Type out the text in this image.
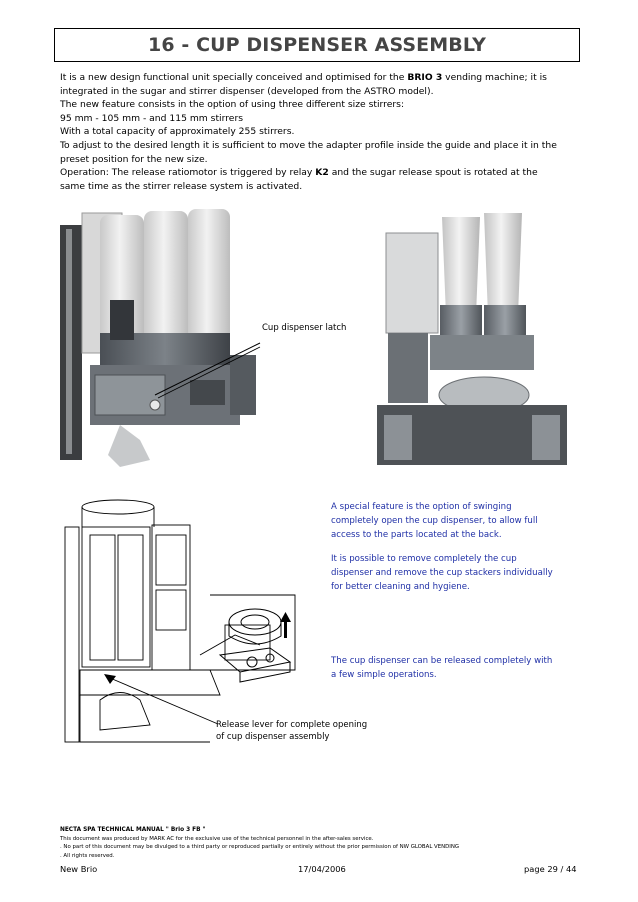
16 - CUP DISPENSER ASSEMBLY

It is a new design functional unit specially conceived and optimised for the BRIO 3 vending machine; it is

integrated in the sugar and stirrer dispenser (developed from the ASTRO model).

The new feature consists in the option of using three different size stirrers:

95 mm - 105 mm - and 115 mm stirrers

With a total capacity of approximately 255 stirrers.

To adjust to the desired length it is sufficient to move the adapter profile inside the guide and place it in the

preset position for the new size.

Operation: The release ratiomotor is triggered by relay K2 and the sugar release spout is rotated at the

same time as the stirrer release system is activated.

Cup dispenser latch

A special feature is the option of swinging

completely open the cup dispenser, to allow full

access to the parts located at the back.

It is possible to remove completely the cup

dispenser and remove the cup stackers individually

for better cleaning and hygiene.

The cup dispenser can be released completely with

a few simple operations.

Release lever for complete opening
of cup dispenser assembly

NECTA SPA TECHNICAL MANUAL " Brio 3 FB "

This document was produced by MARK AC for the exclusive use of the technical personnel in the after-sales service.

. No part of this document may be divulged to a third party or reproduced partially or entirely without the prior permission of NW GLOBAL VENDING

. All rights reserved.

New Brio	17/04/2006	page 29 / 44
